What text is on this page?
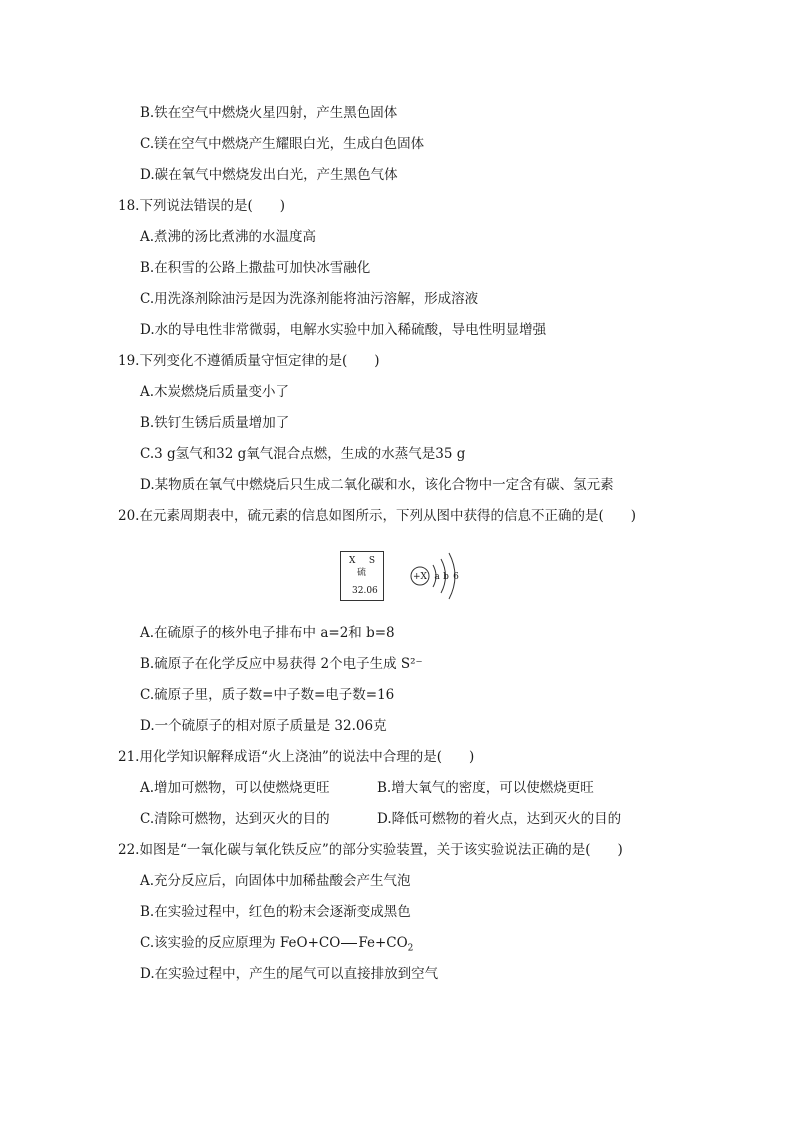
B.铁在空气中燃烧火星四射，产生黑色固体
C.镁在空气中燃烧产生耀眼白光，生成白色固体
D.碳在氧气中燃烧发出白光，产生黑色气体
18.下列说法错误的是(　　)
A.煮沸的汤比煮沸的水温度高
B.在积雪的公路上撒盐可加快冰雪融化
C.用洗涤剂除油污是因为洗涤剂能将油污溶解，形成溶液
D.水的导电性非常微弱，电解水实验中加入稀硫酸，导电性明显增强
19.下列变化不遵循质量守恒定律的是(　　)
A.木炭燃烧后质量变小了
B.铁钉生锈后质量增加了
C.3 g氢气和32 g氧气混合点燃，生成的水蒸气是35 g
D.某物质在氧气中燃烧后只生成二氧化碳和水，该化合物中一定含有碳、氢元素
20.在元素周期表中，硫元素的信息如图所示，下列从图中获得的信息不正确的是(　　)
X S
硫
32.06
+X a b 6
A.在硫原子的核外电子排布中 a=2和 b=8
B.硫原子在化学反应中易获得 2个电子生成 S²⁻
C.硫原子里，质子数=中子数=电子数=16
D.一个硫原子的相对原子质量是 32.06克
21.用化学知识解释成语“火上浇油”的说法中合理的是(　　)
A.增加可燃物，可以使燃烧更旺	B.增大氧气的密度，可以使燃烧更旺
C.清除可燃物，达到灭火的目的	D.降低可燃物的着火点，达到灭火的目的
22.如图是“一氧化碳与氧化铁反应”的部分实验装置，关于该实验说法正确的是(　　)
A.充分反应后，向固体中加稀盐酸会产生气泡
B.在实验过程中，红色的粉末会逐渐变成黑色
C.该实验的反应原理为 FeO+CO $Fe+CO_2$
D.在实验过程中，产生的尾气可以直接排放到空气
